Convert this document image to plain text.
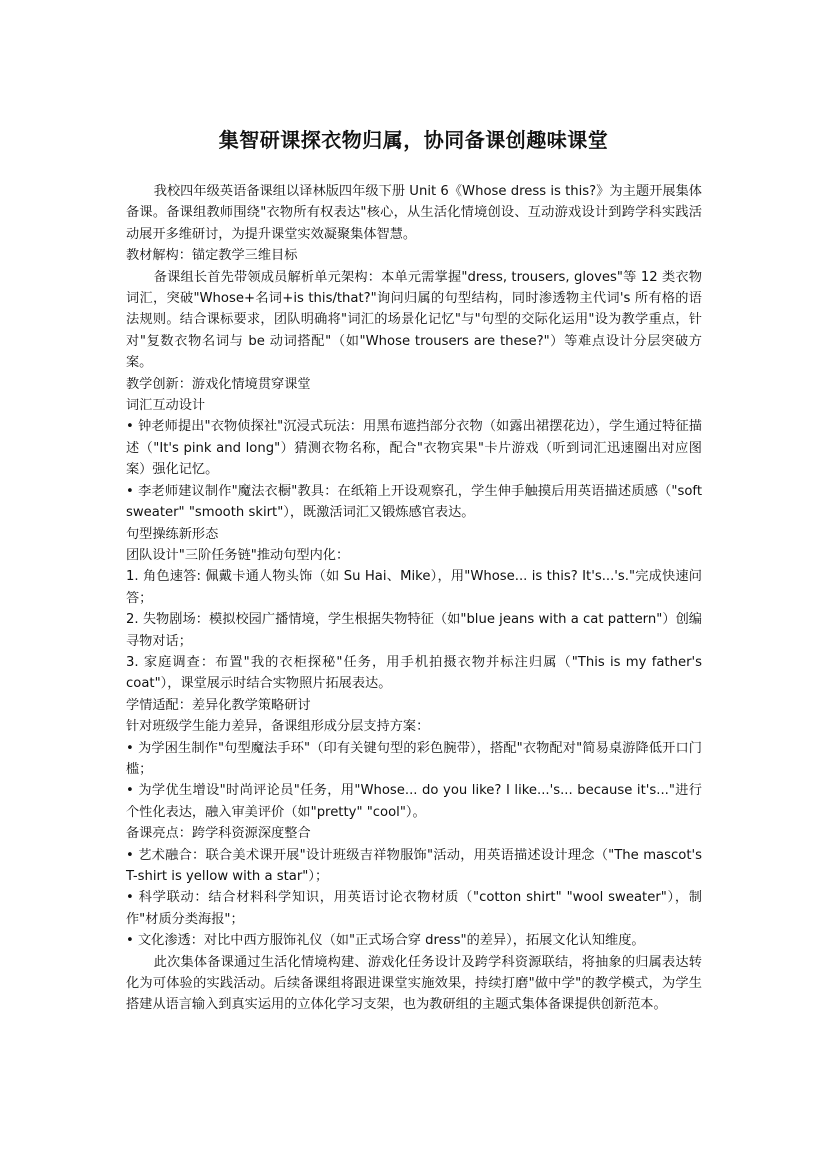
集智研课探衣物归属，协同备课创趣味课堂

我校四年级英语备课组以译林版四年级下册 Unit 6《Whose dress is this?》为主题开展集体备课。备课组教师围绕"衣物所有权表达"核心，从生活化情境创设、互动游戏设计到跨学科实践活动展开多维研讨，为提升课堂实效凝聚集体智慧。

教材解构：锚定教学三维目标

备课组长首先带领成员解析单元架构：本单元需掌握"dress, trousers, gloves"等 12 类衣物词汇，突破"Whose+名词+is this/that?"询问归属的句型结构，同时渗透物主代词's 所有格的语法规则。结合课标要求，团队明确将"词汇的场景化记忆"与"句型的交际化运用"设为教学重点，针对"复数衣物名词与 be 动词搭配"（如"Whose trousers are these?"）等难点设计分层突破方案。

教学创新：游戏化情境贯穿课堂

词汇互动设计

• 钟老师提出"衣物侦探社"沉浸式玩法：用黑布遮挡部分衣物（如露出裙摆花边），学生通过特征描述（"It's pink and long"）猜测衣物名称，配合"衣物宾果"卡片游戏（听到词汇迅速圈出对应图案）强化记忆。

• 李老师建议制作"魔法衣橱"教具：在纸箱上开设观察孔，学生伸手触摸后用英语描述质感（"soft sweater" "smooth skirt"），既激活词汇又锻炼感官表达。

句型操练新形态

团队设计"三阶任务链"推动句型内化：

1. 角色速答: 佩戴卡通人物头饰（如 Su Hai、Mike），用"Whose... is this? It's...'s."完成快速问答；

2. 失物剧场：模拟校园广播情境，学生根据失物特征（如"blue jeans with a cat pattern"）创编寻物对话；

3. 家庭调查：布置"我的衣柜探秘"任务，用手机拍摄衣物并标注归属（"This is my father's coat"），课堂展示时结合实物照片拓展表达。

学情适配：差异化教学策略研讨

针对班级学生能力差异，备课组形成分层支持方案：

• 为学困生制作"句型魔法手环"（印有关键句型的彩色腕带），搭配"衣物配对"简易桌游降低开口门槛；

• 为学优生增设"时尚评论员"任务，用"Whose... do you like? I like...'s... because it's..."进行个性化表达，融入审美评价（如"pretty" "cool"）。

备课亮点：跨学科资源深度整合

• 艺术融合：联合美术课开展"设计班级吉祥物服饰"活动，用英语描述设计理念（"The mascot's T-shirt is yellow with a star"）；

• 科学联动：结合材料科学知识，用英语讨论衣物材质（"cotton shirt" "wool sweater"），制作"材质分类海报"；

• 文化渗透：对比中西方服饰礼仪（如"正式场合穿 dress"的差异），拓展文化认知维度。

此次集体备课通过生活化情境构建、游戏化任务设计及跨学科资源联结，将抽象的归属表达转化为可体验的实践活动。后续备课组将跟进课堂实施效果，持续打磨"做中学"的教学模式，为学生搭建从语言输入到真实运用的立体化学习支架，也为教研组的主题式集体备课提供创新范本。
